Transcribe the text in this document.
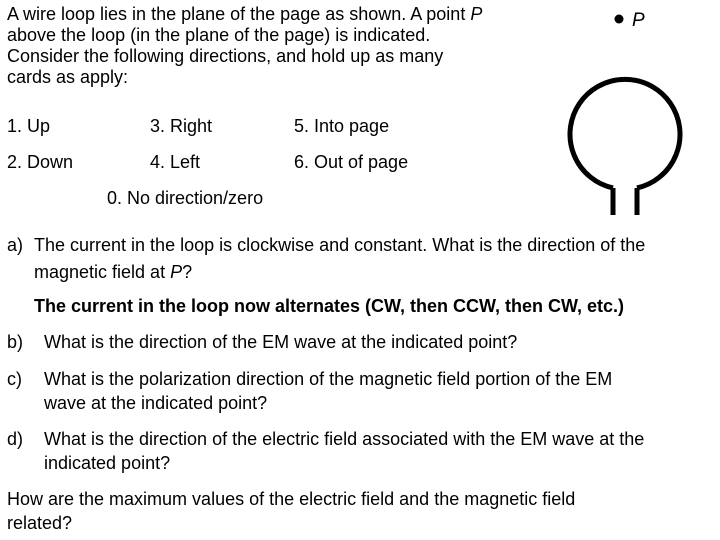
A wire loop lies in the plane of the page as shown. A point P
above the loop (in the plane of the page) is indicated.
Consider the following directions, and hold up as many
cards as apply:
1. Up	3. Right	5. Into page
2. Down	4. Left	6. Out of page
0. No direction/zero
P
a) The current in the loop is clockwise and constant. What is the direction of the
magnetic field at P?
The current in the loop now alternates (CW, then CCW, then CW, etc.)
b) What is the direction of the EM wave at the indicated point?
c) What is the polarization direction of the magnetic field portion of the EM
wave at the indicated point?
d) What is the direction of the electric field associated with the EM wave at the
indicated point?
How are the maximum values of the electric field and the magnetic field
related?
